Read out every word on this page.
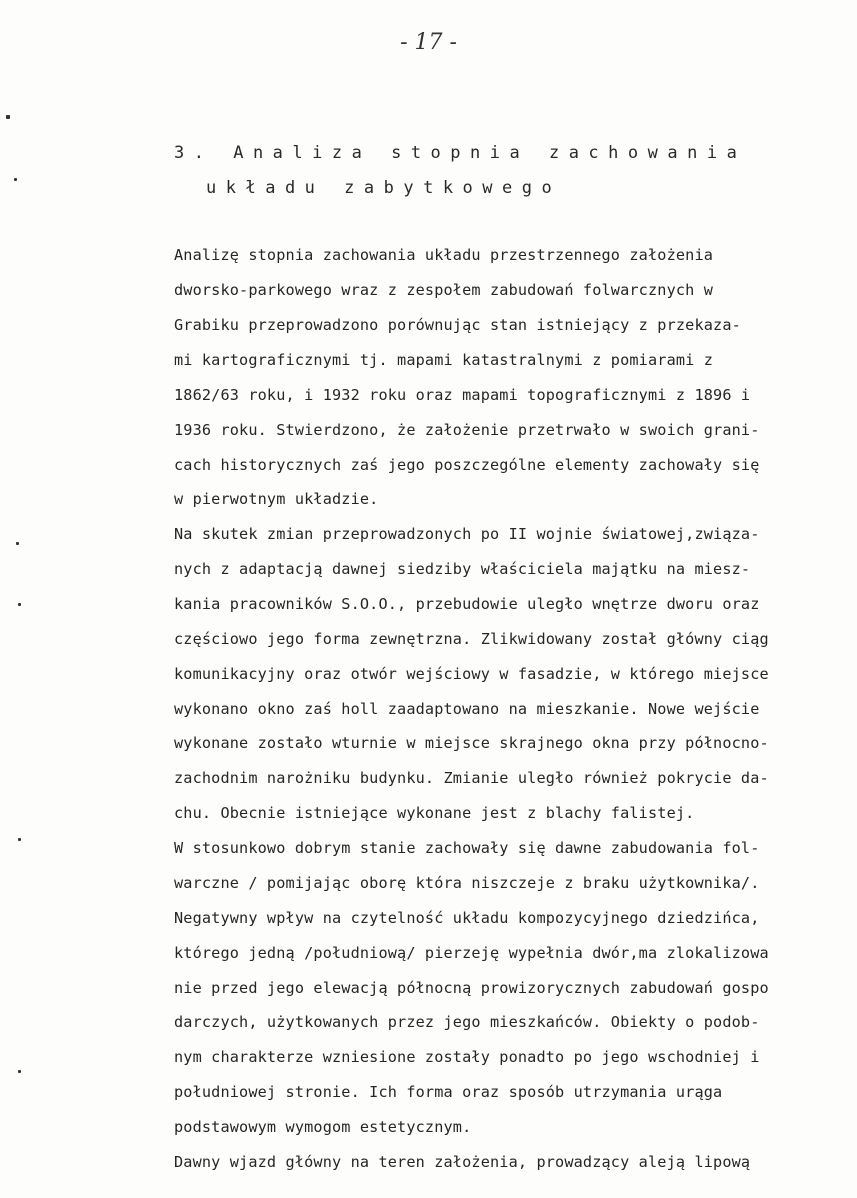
- 17 -
3. Analiza stopnia zachowania
układu zabytkowego
Analizę stopnia zachowania układu przestrzennego założenia
dworsko-parkowego wraz z zespołem zabudowań folwarcznych w
Grabiku przeprowadzono porównując stan istniejący z przekaza-
mi kartograficznymi tj. mapami katastralnymi z pomiarami z
1862/63 roku, i 1932 roku oraz mapami topograficznymi z 1896 i
1936 roku. Stwierdzono, że założenie przetrwało w swoich grani-
cach historycznych zaś jego poszczególne elementy zachowały się
w pierwotnym układzie.
Na skutek zmian przeprowadzonych po II wojnie światowej,związa-
nych z adaptacją dawnej siedziby właściciela majątku na miesz-
kania pracowników S.O.O., przebudowie uległo wnętrze dworu oraz
częściowo jego forma zewnętrzna. Zlikwidowany został główny ciąg
komunikacyjny oraz otwór wejściowy w fasadzie, w którego miejsce
wykonano okno zaś holl zaadaptowano na mieszkanie. Nowe wejście
wykonane zostało wturnie w miejsce skrajnego okna przy północno-
zachodnim narożniku budynku. Zmianie uległo również pokrycie da-
chu. Obecnie istniejące wykonane jest z blachy falistej.
W stosunkowo dobrym stanie zachowały się dawne zabudowania fol-
warczne / pomijając oborę która niszczeje z braku użytkownika/.
Negatywny wpływ na czytelność układu kompozycyjnego dziedzińca,
którego jedną /południową/ pierzeję wypełnia dwór,ma zlokalizowa
nie przed jego elewacją północną prowizorycznych zabudowań gospo
darczych, użytkowanych przez jego mieszkańców. Obiekty o podob-
nym charakterze wzniesione zostały ponadto po jego wschodniej i
południowej stronie. Ich forma oraz sposób utrzymania urąga
podstawowym wymogom estetycznym.
Dawny wjazd główny na teren założenia, prowadzący aleją lipową
